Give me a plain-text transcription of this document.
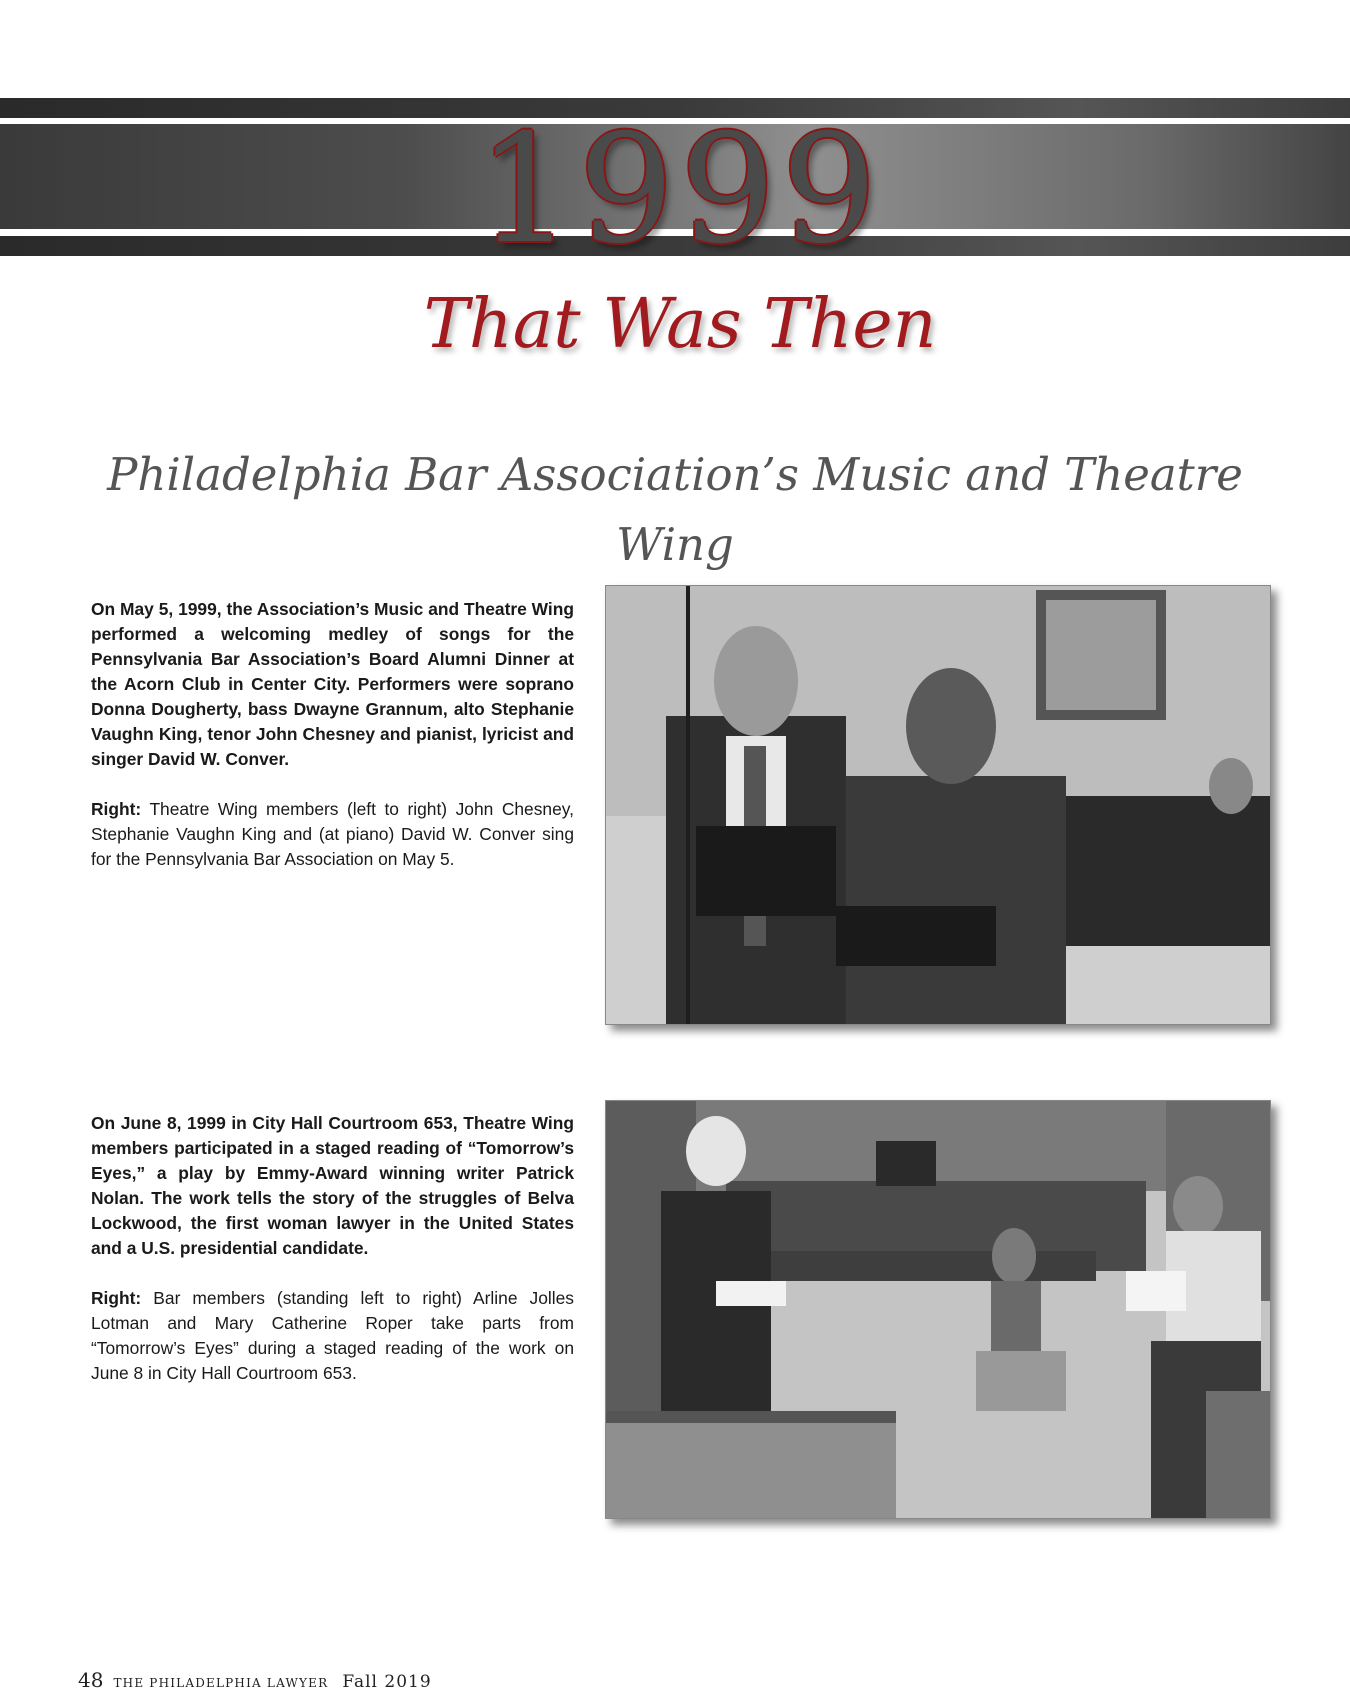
1999
That Was Then
Philadelphia Bar Association’s Music and Theatre Wing

On May 5, 1999, the Association’s Music and Theatre Wing performed a welcoming medley of songs for the Pennsylvania Bar Association’s Board Alumni Dinner at the Acorn Club in Center City. Performers were soprano Donna Dougherty, bass Dwayne Grannum, alto Stephanie Vaughn King, tenor John Chesney and pianist, lyricist and singer David W. Conver.

Right: Theatre Wing members (left to right) John Chesney, Stephanie Vaughn King and (at piano) David W. Conver sing for the Pennsylvania Bar Association on May 5.

On June 8, 1999 in City Hall Courtroom 653, Theatre Wing members participated in a staged reading of “Tomorrow’s Eyes,” a play by Emmy-Award winning writer Patrick Nolan. The work tells the story of the struggles of Belva Lockwood, the first woman lawyer in the United States and a U.S. presidential candidate.

Right: Bar members (standing left to right) Arline Jolles Lotman and Mary Catherine Roper take parts from “Tomorrow’s Eyes” during a staged reading of the work on June 8 in City Hall Courtroom 653.

48 THE PHILADELPHIA LAWYER Fall 2019
